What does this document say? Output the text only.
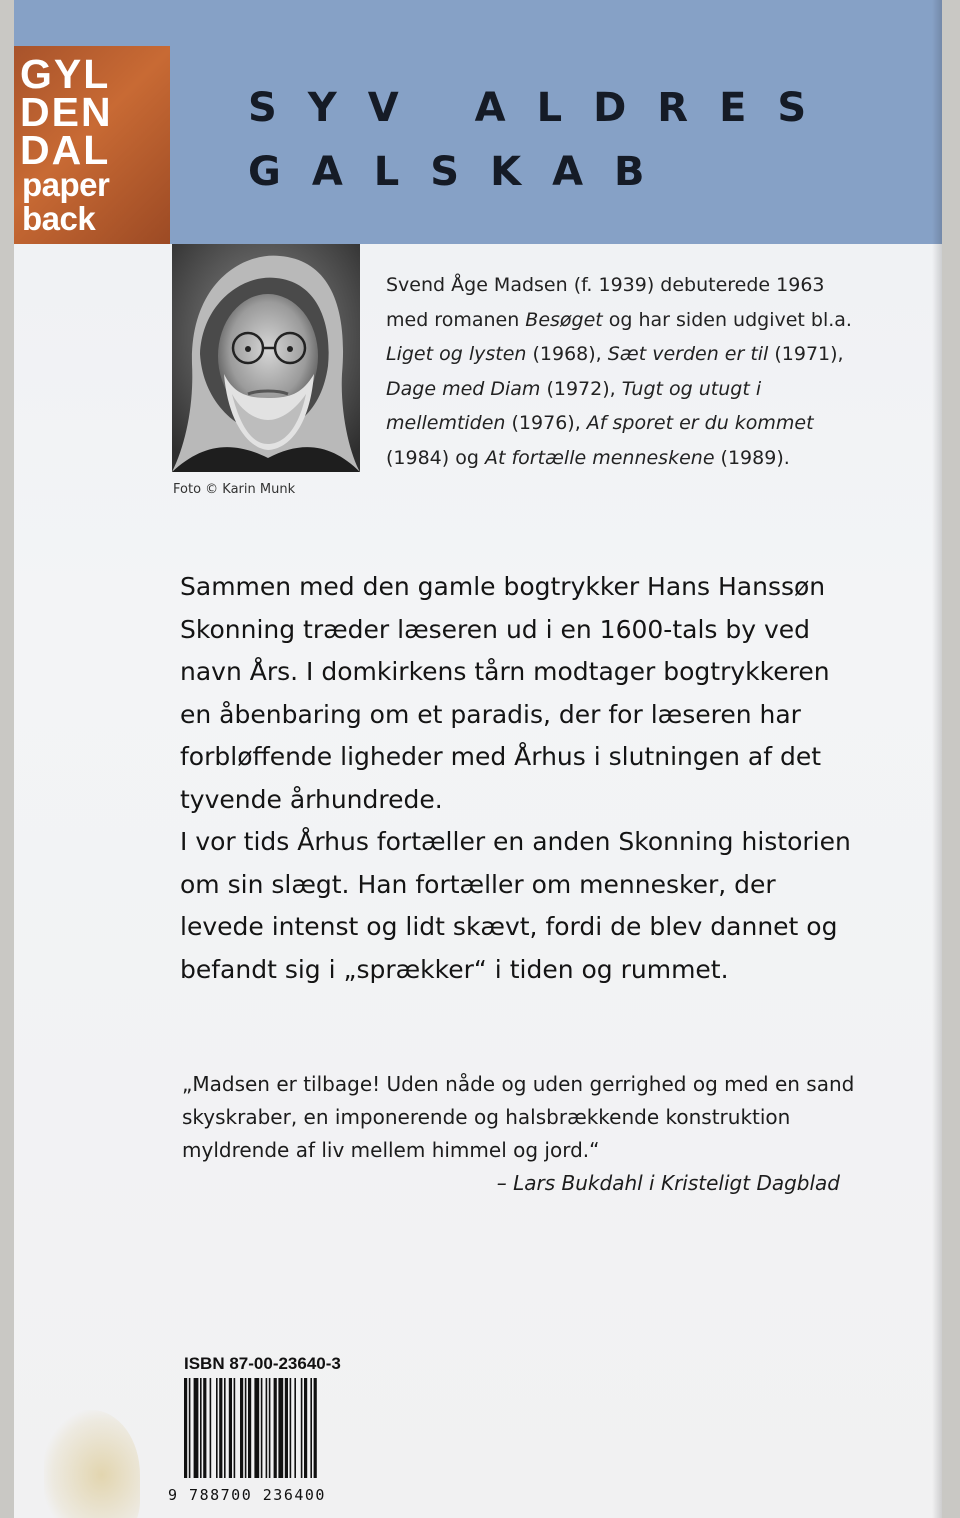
GYL
DEN
DAL
paper
back
SYV ALDRES
GALSKAB
Foto © Karin Munk
Svend Åge Madsen (f. 1939) debuterede 1963 med romanen Besøget og har siden udgivet bl.a. Liget og lysten (1968), Sæt verden er til (1971), Dage med Diam (1972), Tugt og utugt i mellemtiden (1976), Af sporet er du kommet (1984) og At fortælle menneskene (1989).

Sammen med den gamle bogtrykker Hans Hanssøn Skonning træder læseren ud i en 1600-tals by ved navn Års. I domkirkens tårn modtager bogtrykkeren en åbenbaring om et paradis, der for læseren har forbløffende ligheder med Århus i slutningen af det tyvende århundrede.

I vor tids Århus fortæller en anden Skonning historien om sin slægt. Han fortæller om mennesker, der levede intenst og lidt skævt, fordi de blev dannet og befandt sig i „sprækker“ i tiden og rummet.

„Madsen er tilbage! Uden nåde og uden gerrighed og med en sand skyskraber, en imponerende og halsbrækkende konstruktion myldrende af liv mellem himmel og jord.“

– Lars Bukdahl i Kristeligt Dagblad

ISBN 87-00-23640-3
9 788700 236400
